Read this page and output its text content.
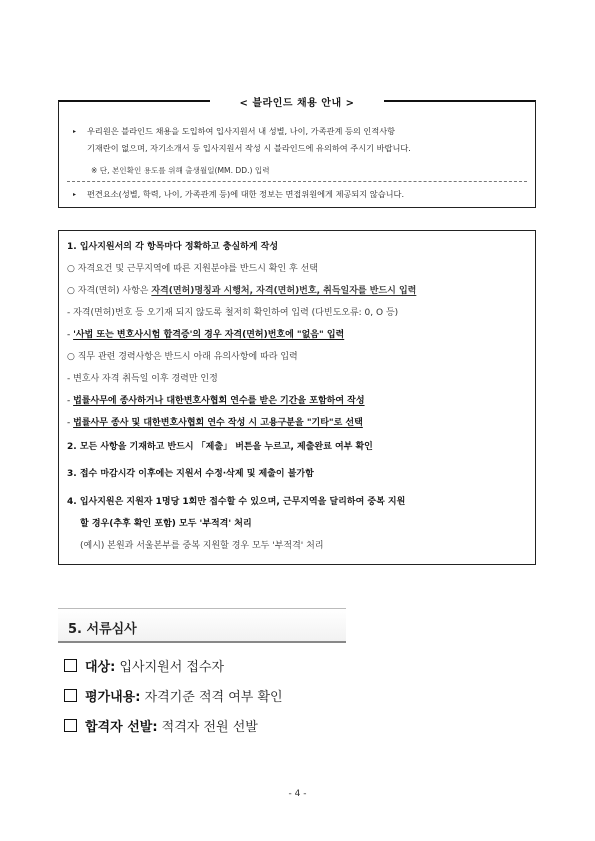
< 블라인드 채용 안내 >
▸	우리원은 블라인드 채용을 도입하여 입사지원서 내 성별, 나이, 가족관계 등의 인적사항
기재란이 없으며, 자기소개서 등 입사지원서 작성 시 블라인드에 유의하여 주시기 바랍니다.
※ 단, 본인확인 용도를 위해 출생월일(MM. DD.) 입력
▸	편견요소(성별, 학력, 나이, 가족관계 등)에 대한 정보는 면접위원에게 제공되지 않습니다.
1. 입사지원서의 각 항목마다 정확하고 충실하게 작성
○ 자격요건 및 근무지역에 따른 지원분야를 반드시 확인 후 선택
○ 자격(면허) 사항은 자격(면허)명칭과 시행처, 자격(면허)번호, 취득일자를 반드시 입력
- 자격(면허)번호 등 오기재 되지 않도록 철저히 확인하여 입력 (다빈도오류: 0, O 등)
- '사법 또는 변호사시험 합격증'의 경우 자격(면허)번호에 "없음" 입력
○ 직무 관련 경력사항은 반드시 아래 유의사항에 따라 입력
- 변호사 자격 취득일 이후 경력만 인정
- 법률사무에 종사하거나 대한변호사협회 연수를 받은 기간을 포함하여 작성
- 법률사무 종사 및 대한변호사협회 연수 작성 시 고용구분을 "기타"로 선택
2. 모든 사항을 기재하고 반드시 「제출」 버튼을 누르고, 제출완료 여부 확인
3. 접수 마감시각 이후에는 지원서 수정·삭제 및 제출이 불가함
4. 입사지원은 지원자 1명당 1회만 접수할 수 있으며, 근무지역을 달리하여 중복 지원
할 경우(추후 확인 포함) 모두 '부적격' 처리
(예시) 본원과 서울본부를 중복 지원할 경우 모두 '부적격' 처리
5. 서류심사
대상: 입사지원서 접수자
평가내용: 자격기준 적격 여부 확인
합격자 선발: 적격자 전원 선발
- 4 -
